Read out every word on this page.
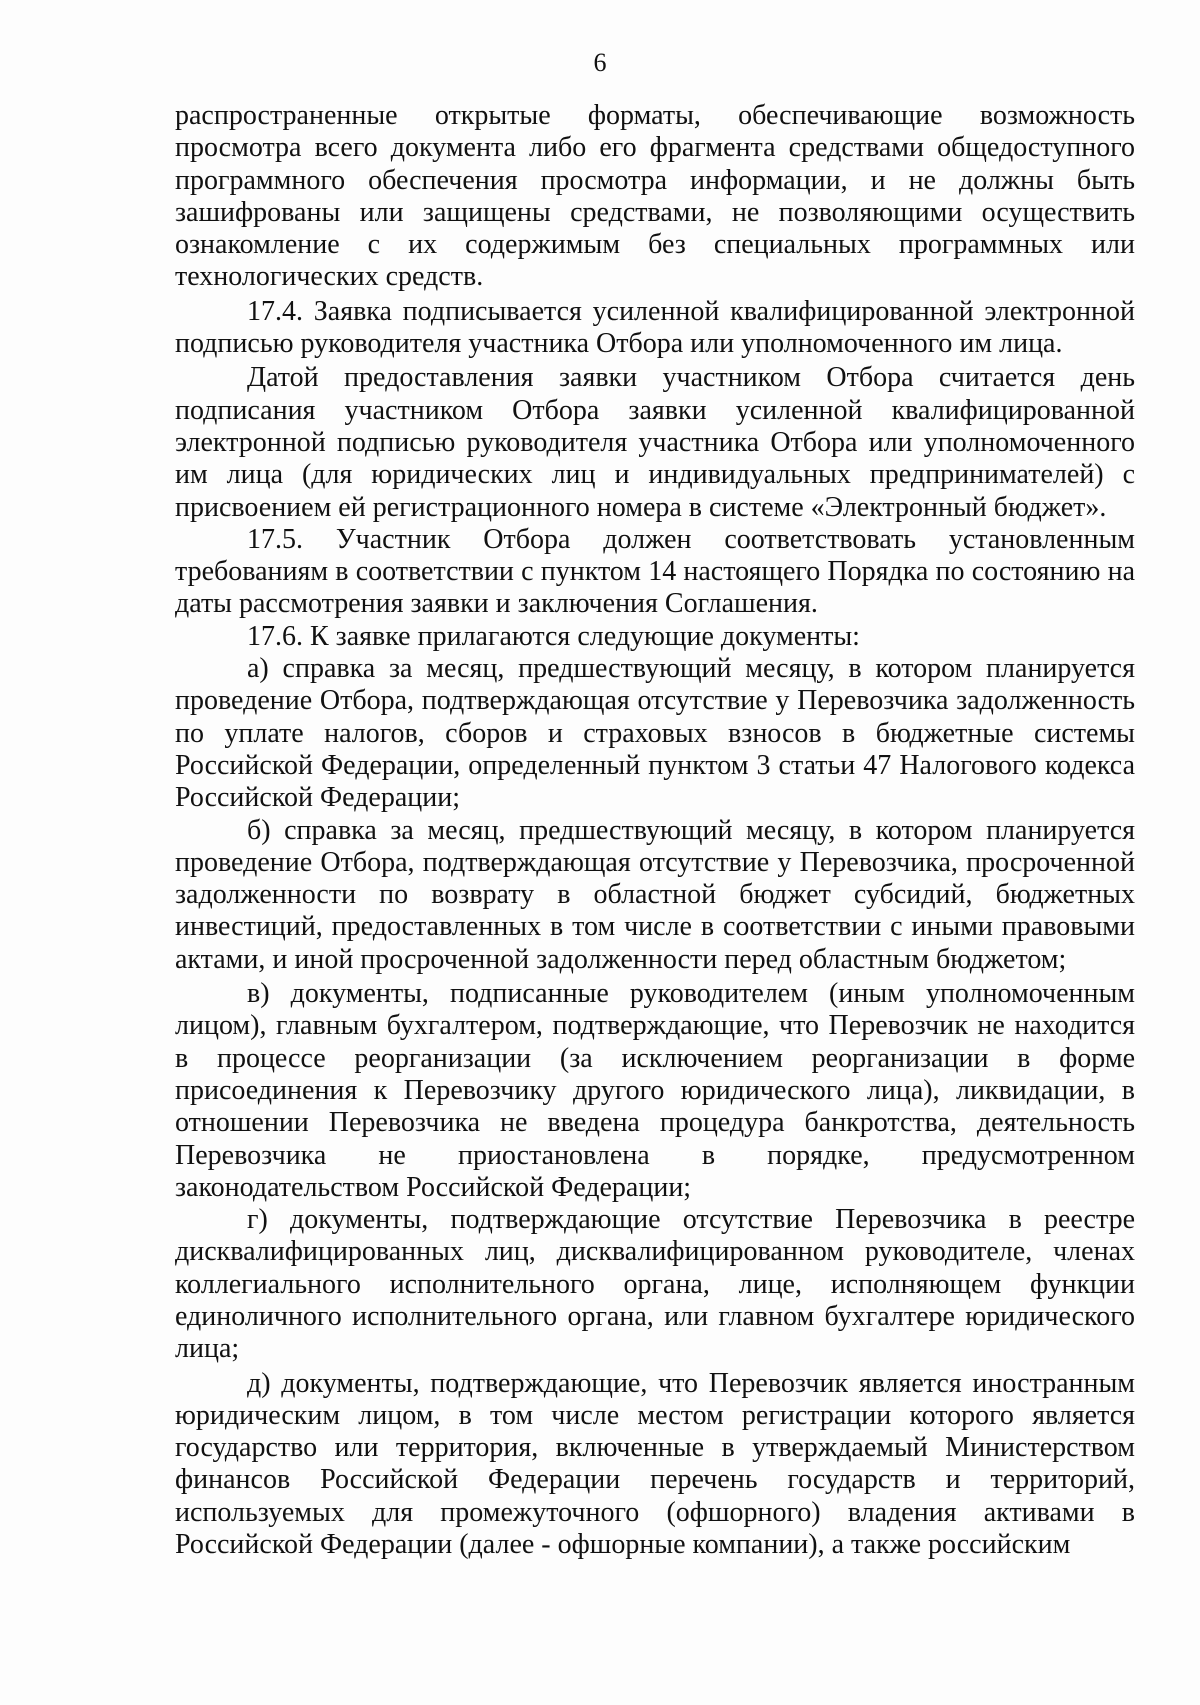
6

распространенные открытые форматы, обеспечивающие возможность просмотра всего документа либо его фрагмента средствами общедоступного программного обеспечения просмотра информации, и не должны быть зашифрованы или защищены средствами, не позволяющими осуществить ознакомление с их содержимым без специальных программных или технологических средств.

17.4. Заявка подписывается усиленной квалифицированной электронной подписью руководителя участника Отбора или уполномоченного им лица.

Датой предоставления заявки участником Отбора считается день подписания участником Отбора заявки усиленной квалифицированной электронной подписью руководителя участника Отбора или уполномоченного им лица (для юридических лиц и индивидуальных предпринимателей) с присвоением ей регистрационного номера в системе «Электронный бюджет».

17.5. Участник Отбора должен соответствовать установленным требованиям в соответствии с пунктом 14 настоящего Порядка по состоянию на даты рассмотрения заявки и заключения Соглашения.

17.6. К заявке прилагаются следующие документы:

а) справка за месяц, предшествующий месяцу, в котором планируется проведение Отбора, подтверждающая отсутствие у Перевозчика задолженность по уплате налогов, сборов и страховых взносов в бюджетные системы Российской Федерации, определенный пунктом 3 статьи 47 Налогового кодекса Российской Федерации;

б) справка за месяц, предшествующий месяцу, в котором планируется проведение Отбора, подтверждающая отсутствие у Перевозчика, просроченной задолженности по возврату в областной бюджет субсидий, бюджетных инвестиций, предоставленных в том числе в соответствии с иными правовыми актами, и иной просроченной задолженности перед областным бюджетом;

в) документы, подписанные руководителем (иным уполномоченным лицом), главным бухгалтером, подтверждающие, что Перевозчик не находится в процессе реорганизации (за исключением реорганизации в форме присоединения к Перевозчику другого юридического лица), ликвидации, в отношении Перевозчика не введена процедура банкротства, деятельность Перевозчика не приостановлена в порядке, предусмотренном законодательством Российской Федерации;

г) документы, подтверждающие отсутствие Перевозчика в реестре дисквалифицированных лиц, дисквалифицированном руководителе, членах коллегиального исполнительного органа, лице, исполняющем функции единоличного исполнительного органа, или главном бухгалтере юридического лица;

д) документы, подтверждающие, что Перевозчик является иностранным юридическим лицом, в том числе местом регистрации которого является государство или территория, включенные в утверждаемый Министерством финансов Российской Федерации перечень государств и территорий, используемых для промежуточного (офшорного) владения активами в Российской Федерации (далее - офшорные компании), а также российским
